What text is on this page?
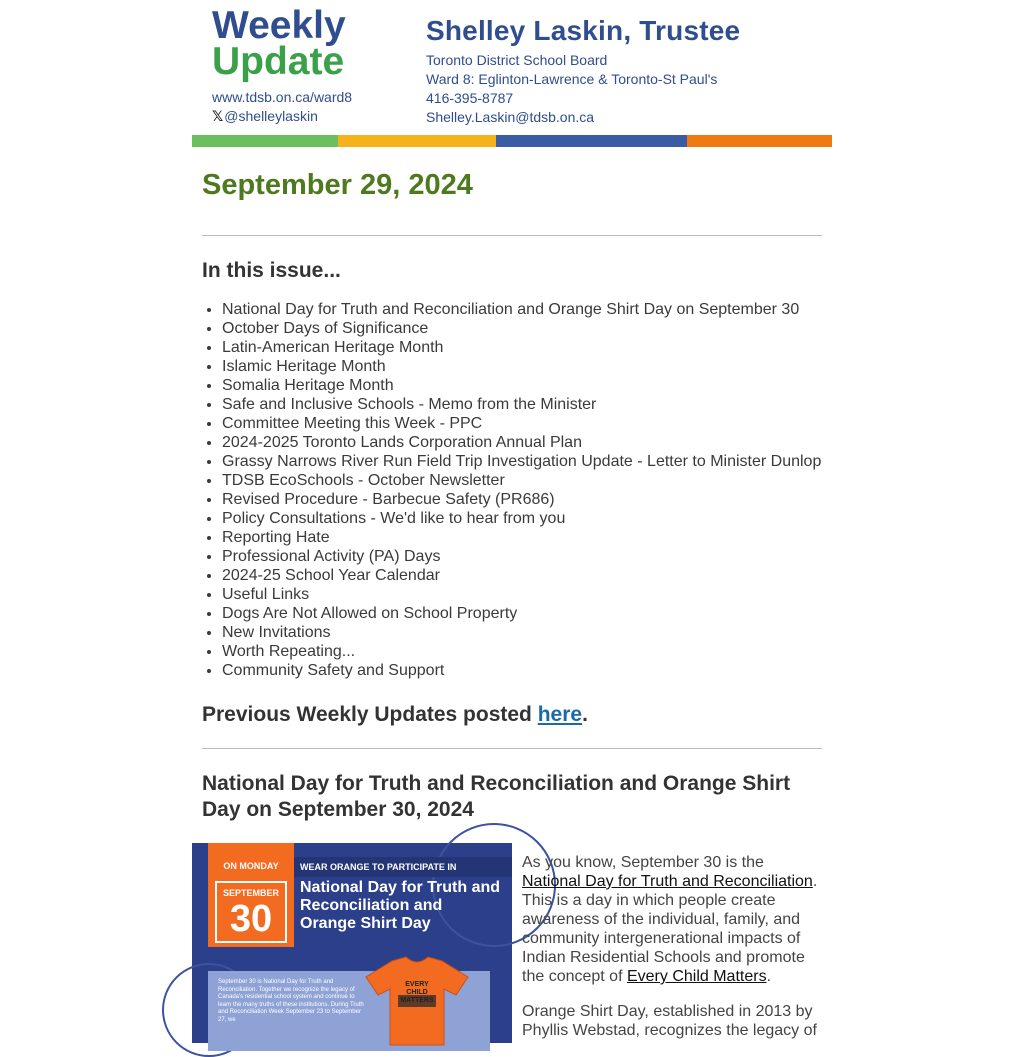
Weekly
Update
www.tdsb.on.ca/ward8
𝕏@shelleylaskin
Shelley Laskin, Trustee
Toronto District School Board
Ward 8: Eglinton-Lawrence & Toronto-St Paul's
416-395-8787
Shelley.Laskin@tdsb.on.ca
September 29, 2024
In this issue...
• National Day for Truth and Reconciliation and Orange Shirt Day on September 30
• October Days of Significance
• Latin-American Heritage Month
• Islamic Heritage Month
• Somalia Heritage Month
• Safe and Inclusive Schools - Memo from the Minister
• Committee Meeting this Week - PPC
• 2024-2025 Toronto Lands Corporation Annual Plan
• Grassy Narrows River Run Field Trip Investigation Update - Letter to Minister Dunlop
• TDSB EcoSchools - October Newsletter
• Revised Procedure - Barbecue Safety (PR686)
• Policy Consultations - We'd like to hear from you
• Reporting Hate
• Professional Activity (PA) Days
• 2024-25 School Year Calendar
• Useful Links
• Dogs Are Not Allowed on School Property
• New Invitations
• Worth Repeating...
• Community Safety and Support
Previous Weekly Updates posted here.
National Day for Truth and Reconciliation and Orange Shirt Day on September 30, 2024
ON MONDAY
SEPTEMBER
30
WEAR ORANGE TO PARTICIPATE IN
National Day for Truth and Reconciliation and Orange Shirt Day
September 30 is National Day for Truth and Reconciliation. Together we recognize the legacy of Canada's residential school system and continue to learn the many truths of these institutions. During Truth and Reconciliation Week September 23 to September 27, we
EVERY CHILD MATTERS

As you know, September 30 is the National Day for Truth and Reconciliation. This is a day in which people create awareness of the individual, family, and community intergenerational impacts of Indian Residential Schools and promote the concept of Every Child Matters.

Orange Shirt Day, established in 2013 by Phyllis Webstad, recognizes the legacy of
